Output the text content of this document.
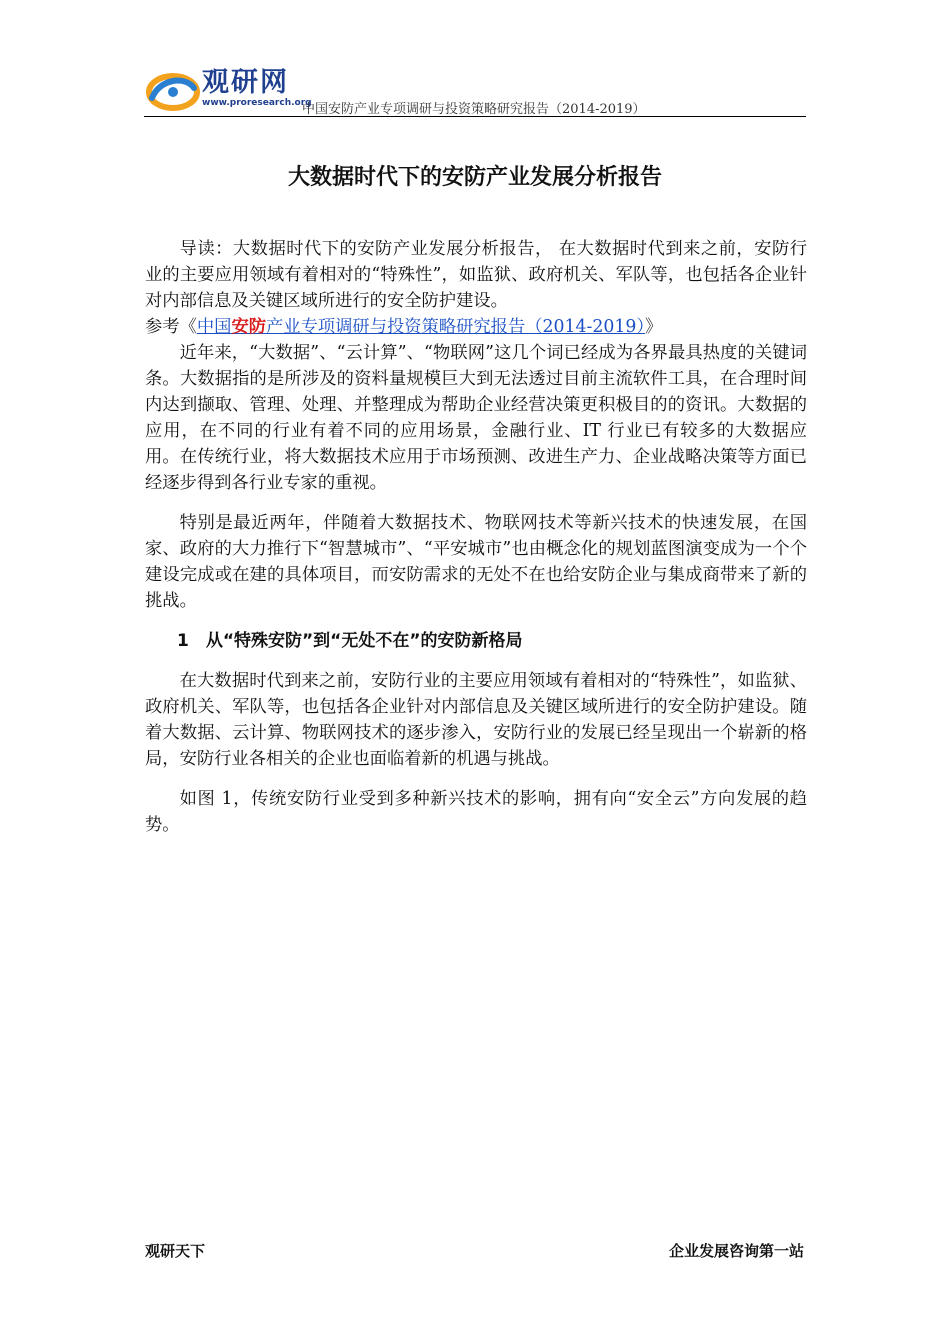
观研网
www.proresearch.org
中国安防产业专项调研与投资策略研究报告（2014-2019）
大数据时代下的安防产业发展分析报告

导读：大数据时代下的安防产业发展分析报告， 在大数据时代到来之前，安防行业的主要应用领域有着相对的“特殊性”，如监狱、政府机关、军队等，也包括各企业针对内部信息及关键区域所进行的安全防护建设。

参考《中国安防产业专项调研与投资策略研究报告（2014-2019）》

近年来，“大数据”、“云计算”、“物联网”这几个词已经成为各界最具热度的关键词条。大数据指的是所涉及的资料量规模巨大到无法透过目前主流软件工具，在合理时间内达到撷取、管理、处理、并整理成为帮助企业经营决策更积极目的的资讯。大数据的应用，在不同的行业有着不同的应用场景，金融行业、IT 行业已有较多的大数据应用。在传统行业，将大数据技术应用于市场预测、改进生产力、企业战略决策等方面已经逐步得到各行业专家的重视。

特别是最近两年，伴随着大数据技术、物联网技术等新兴技术的快速发展，在国家、政府的大力推行下“智慧城市”、“平安城市”也由概念化的规划蓝图演变成为一个个建设完成或在建的具体项目，而安防需求的无处不在也给安防企业与集成商带来了新的挑战。

1　从“特殊安防”到“无处不在”的安防新格局

在大数据时代到来之前，安防行业的主要应用领域有着相对的“特殊性”，如监狱、政府机关、军队等，也包括各企业针对内部信息及关键区域所进行的安全防护建设。随着大数据、云计算、物联网技术的逐步渗入，安防行业的发展已经呈现出一个崭新的格局，安防行业各相关的企业也面临着新的机遇与挑战。

如图 1，传统安防行业受到多种新兴技术的影响，拥有向“安全云”方向发展的趋势。

观研天下	企业发展咨询第一站
